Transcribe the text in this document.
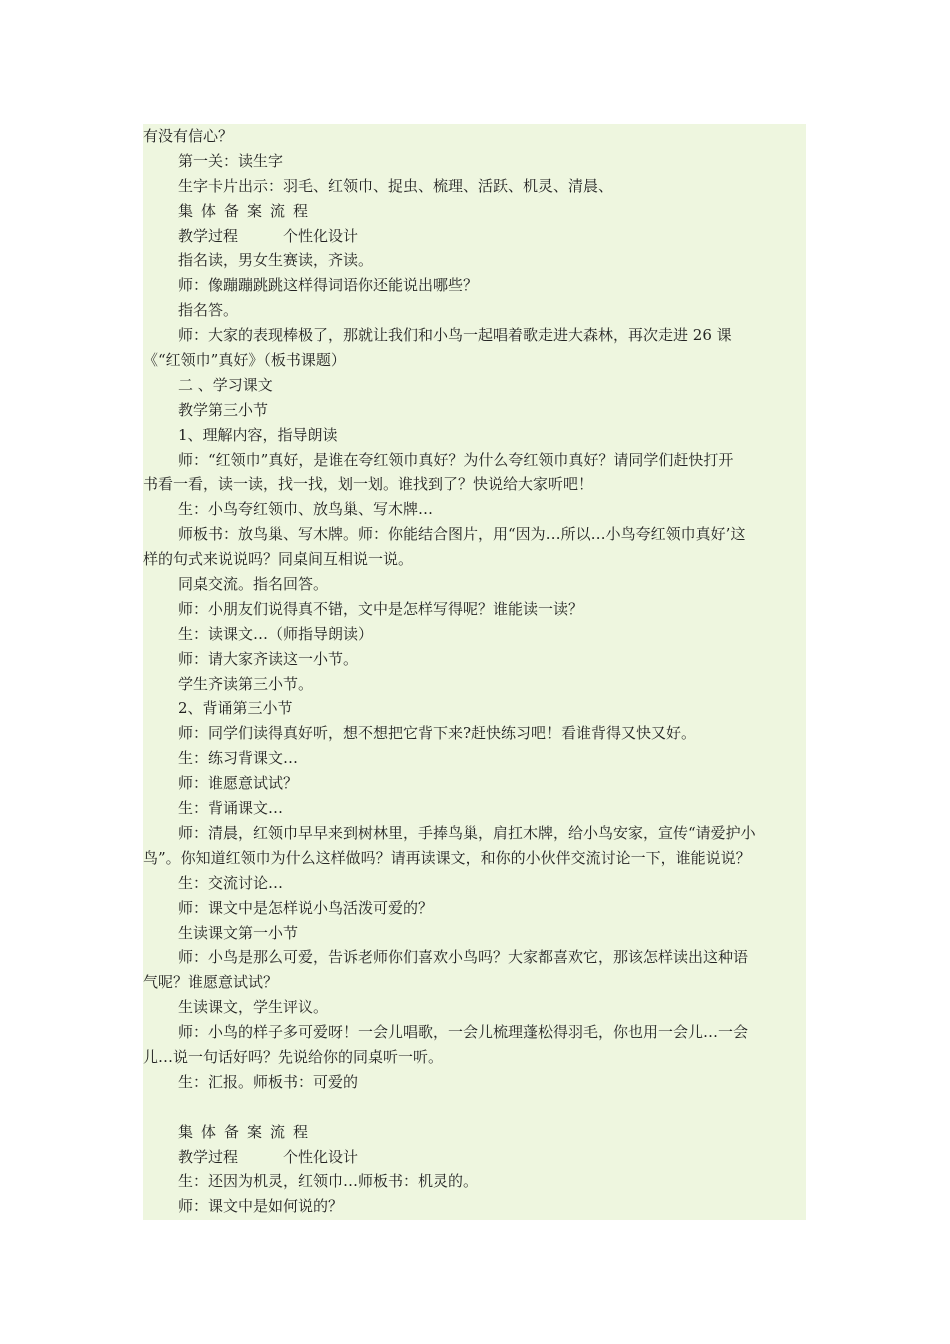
有没有信心？
第一关：读生字
生字卡片出示：羽毛、红领巾、捉虫、梳理、活跃、机灵、清晨、
集体备案流程
教学过程　　　个性化设计
指名读，男女生赛读，齐读。
师：像蹦蹦跳跳这样得词语你还能说出哪些？
指名答。
师：大家的表现棒极了，那就让我们和小鸟一起唱着歌走进大森林，再次走进 26 课
《“红领巾”真好》（板书课题）
二 、学习课文
教学第三小节
1、理解内容，指导朗读
师：“红领巾”真好，是谁在夸红领巾真好？为什么夸红领巾真好？请同学们赶快打开
书看一看，读一读，找一找，划一划。谁找到了？快说给大家听吧！
生：小鸟夸红领巾、放鸟巢、写木牌…
师板书：放鸟巢、写木牌。师：你能结合图片，用“因为…所以…小鸟夸红领巾真好’这
样的句式来说说吗？同桌间互相说一说。
同桌交流。指名回答。
师：小朋友们说得真不错，文中是怎样写得呢？谁能读一读？
生：读课文…（师指导朗读）
师：请大家齐读这一小节。
学生齐读第三小节。
2、背诵第三小节
师：同学们读得真好听，想不想把它背下来?赶快练习吧！看谁背得又快又好。
生：练习背课文…
师：谁愿意试试？
生：背诵课文…
师：清晨，红领巾早早来到树林里，手捧鸟巢，肩扛木牌，给小鸟安家，宣传“请爱护小
鸟”。你知道红领巾为什么这样做吗？请再读课文，和你的小伙伴交流讨论一下，谁能说说？
生：交流讨论…
师：课文中是怎样说小鸟活泼可爱的？
生读课文第一小节
师：小鸟是那么可爱，告诉老师你们喜欢小鸟吗？大家都喜欢它，那该怎样读出这种语
气呢？谁愿意试试？
生读课文，学生评议。
师：小鸟的样子多可爱呀！一会儿唱歌，一会儿梳理蓬松得羽毛，你也用一会儿…一会
儿…说一句话好吗？先说给你的同桌听一听。
生：汇报。师板书：可爱的
集体备案流程
教学过程　　　个性化设计
生：还因为机灵，红领巾…师板书：机灵的。
师：课文中是如何说的？
